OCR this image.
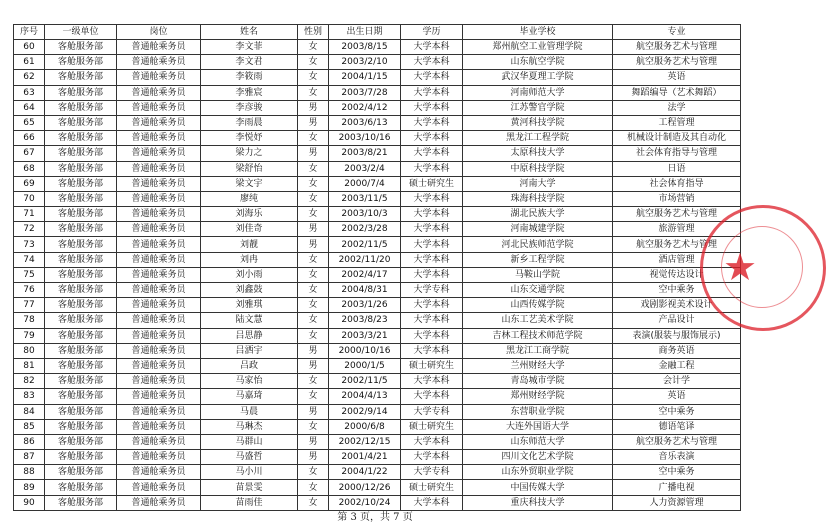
序号	一级单位	岗位	姓名	性别	出生日期	学历	毕业学校	专业
60	客舱服务部	普通舱乘务员	李文菲	女	2003/8/15	大学本科	郑州航空工业管理学院	航空服务艺术与管理
61	客舱服务部	普通舱乘务员	李文君	女	2003/2/10	大学本科	山东航空学院	航空服务艺术与管理
62	客舱服务部	普通舱乘务员	李筱雨	女	2004/1/15	大学本科	武汉华夏理工学院	英语
63	客舱服务部	普通舱乘务员	李雅宸	女	2003/7/28	大学本科	河南师范大学	舞蹈编导（艺术舞蹈）
64	客舱服务部	普通舱乘务员	李彦骏	男	2002/4/12	大学本科	江苏警官学院	法学
65	客舱服务部	普通舱乘务员	李雨晨	男	2003/6/13	大学本科	黄河科技学院	工程管理
66	客舱服务部	普通舱乘务员	李悦妤	女	2003/10/16	大学本科	黑龙江工程学院	机械设计制造及其自动化
67	客舱服务部	普通舱乘务员	梁力之	男	2003/8/21	大学本科	太原科技大学	社会体育指导与管理
68	客舱服务部	普通舱乘务员	梁舒怡	女	2003/2/4	大学本科	中原科技学院	日语
69	客舱服务部	普通舱乘务员	梁文宇	女	2000/7/4	硕士研究生	河南大学	社会体育指导
70	客舱服务部	普通舱乘务员	廖纯	女	2003/11/5	大学本科	珠海科技学院	市场营销
71	客舱服务部	普通舱乘务员	刘海乐	女	2003/10/3	大学本科	湖北民族大学	航空服务艺术与管理
72	客舱服务部	普通舱乘务员	刘佳奇	男	2002/3/28	大学本科	河南城建学院	旅游管理
73	客舱服务部	普通舱乘务员	刘靓	男	2002/11/5	大学本科	河北民族师范学院	航空服务艺术与管理
74	客舱服务部	普通舱乘务员	刘冉	女	2002/11/20	大学本科	新乡工程学院	酒店管理
75	客舱服务部	普通舱乘务员	刘小雨	女	2002/4/17	大学本科	马鞍山学院	视觉传达设计
76	客舱服务部	普通舱乘务员	刘鑫鼓	女	2004/8/31	大学专科	山东交通学院	空中乘务
77	客舱服务部	普通舱乘务员	刘雅琪	女	2003/1/26	大学本科	山西传媒学院	戏剧影视美术设计
78	客舱服务部	普通舱乘务员	陆文慧	女	2003/8/23	大学本科	山东工艺美术学院	产品设计
79	客舱服务部	普通舱乘务员	吕思静	女	2003/3/21	大学本科	吉林工程技术师范学院	表演(服装与服饰展示)
80	客舱服务部	普通舱乘务员	吕洒宇	男	2000/10/16	大学本科	黑龙江工商学院	商务英语
81	客舱服务部	普通舱乘务员	吕政	男	2000/1/5	硕士研究生	兰州财经大学	金融工程
82	客舱服务部	普通舱乘务员	马家怡	女	2002/11/5	大学本科	青岛城市学院	会计学
83	客舱服务部	普通舱乘务员	马嘉琦	女	2004/4/13	大学本科	郑州财经学院	英语
84	客舱服务部	普通舱乘务员	马晨	男	2002/9/14	大学专科	东营职业学院	空中乘务
85	客舱服务部	普通舱乘务员	马琳杰	女	2000/6/8	硕士研究生	大连外国语大学	德语笔译
86	客舱服务部	普通舱乘务员	马群山	男	2002/12/15	大学本科	山东师范大学	航空服务艺术与管理
87	客舱服务部	普通舱乘务员	马盛哲	男	2001/4/21	大学本科	四川文化艺术学院	音乐表演
88	客舱服务部	普通舱乘务员	马小川	女	2004/1/22	大学专科	山东外贸职业学院	空中乘务
89	客舱服务部	普通舱乘务员	苗景雯	女	2000/12/26	硕士研究生	中国传媒大学	广播电视
90	客舱服务部	普通舱乘务员	苗雨佳	女	2002/10/24	大学本科	重庆科技大学	人力资源管理
★
第 3 页，共 7 页
